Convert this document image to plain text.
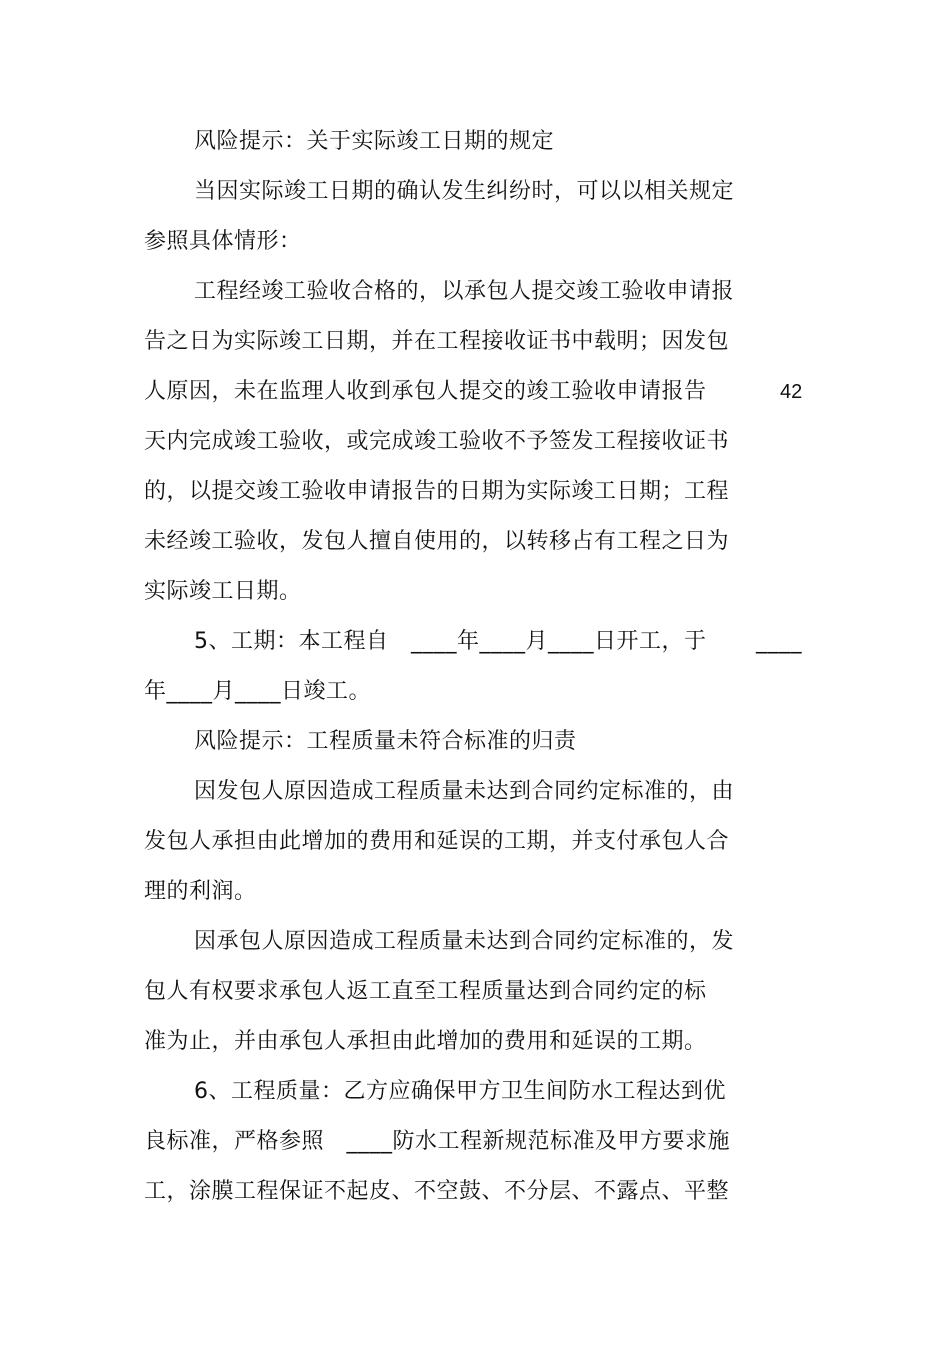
风险提示：关于实际竣工日期的规定
当因实际竣工日期的确认发生纠纷时，可以以相关规定
参照具体情形：
工程经竣工验收合格的，以承包人提交竣工验收申请报
告之日为实际竣工日期，并在工程接收证书中载明；因发包
人原因，未在监理人收到承包人提交的竣工验收申请报告	42
天内完成竣工验收，或完成竣工验收不予签发工程接收证书
的，以提交竣工验收申请报告的日期为实际竣工日期；工程
未经竣工验收，发包人擅自使用的，以转移占有工程之日为
实际竣工日期。
5、工期：本工程自　____年____月____日开工，于 ____
年____月____日竣工。
风险提示：工程质量未符合标准的归责
因发包人原因造成工程质量未达到合同约定标准的，由
发包人承担由此增加的费用和延误的工期，并支付承包人合
理的利润。
因承包人原因造成工程质量未达到合同约定标准的，发
包人有权要求承包人返工直至工程质量达到合同约定的标
准为止，并由承包人承担由此增加的费用和延误的工期。
6、工程质量：乙方应确保甲方卫生间防水工程达到优
良标准，严格参照　____防水工程新规范标准及甲方要求施
工，涂膜工程保证不起皮、不空鼓、不分层、不露点、平整
